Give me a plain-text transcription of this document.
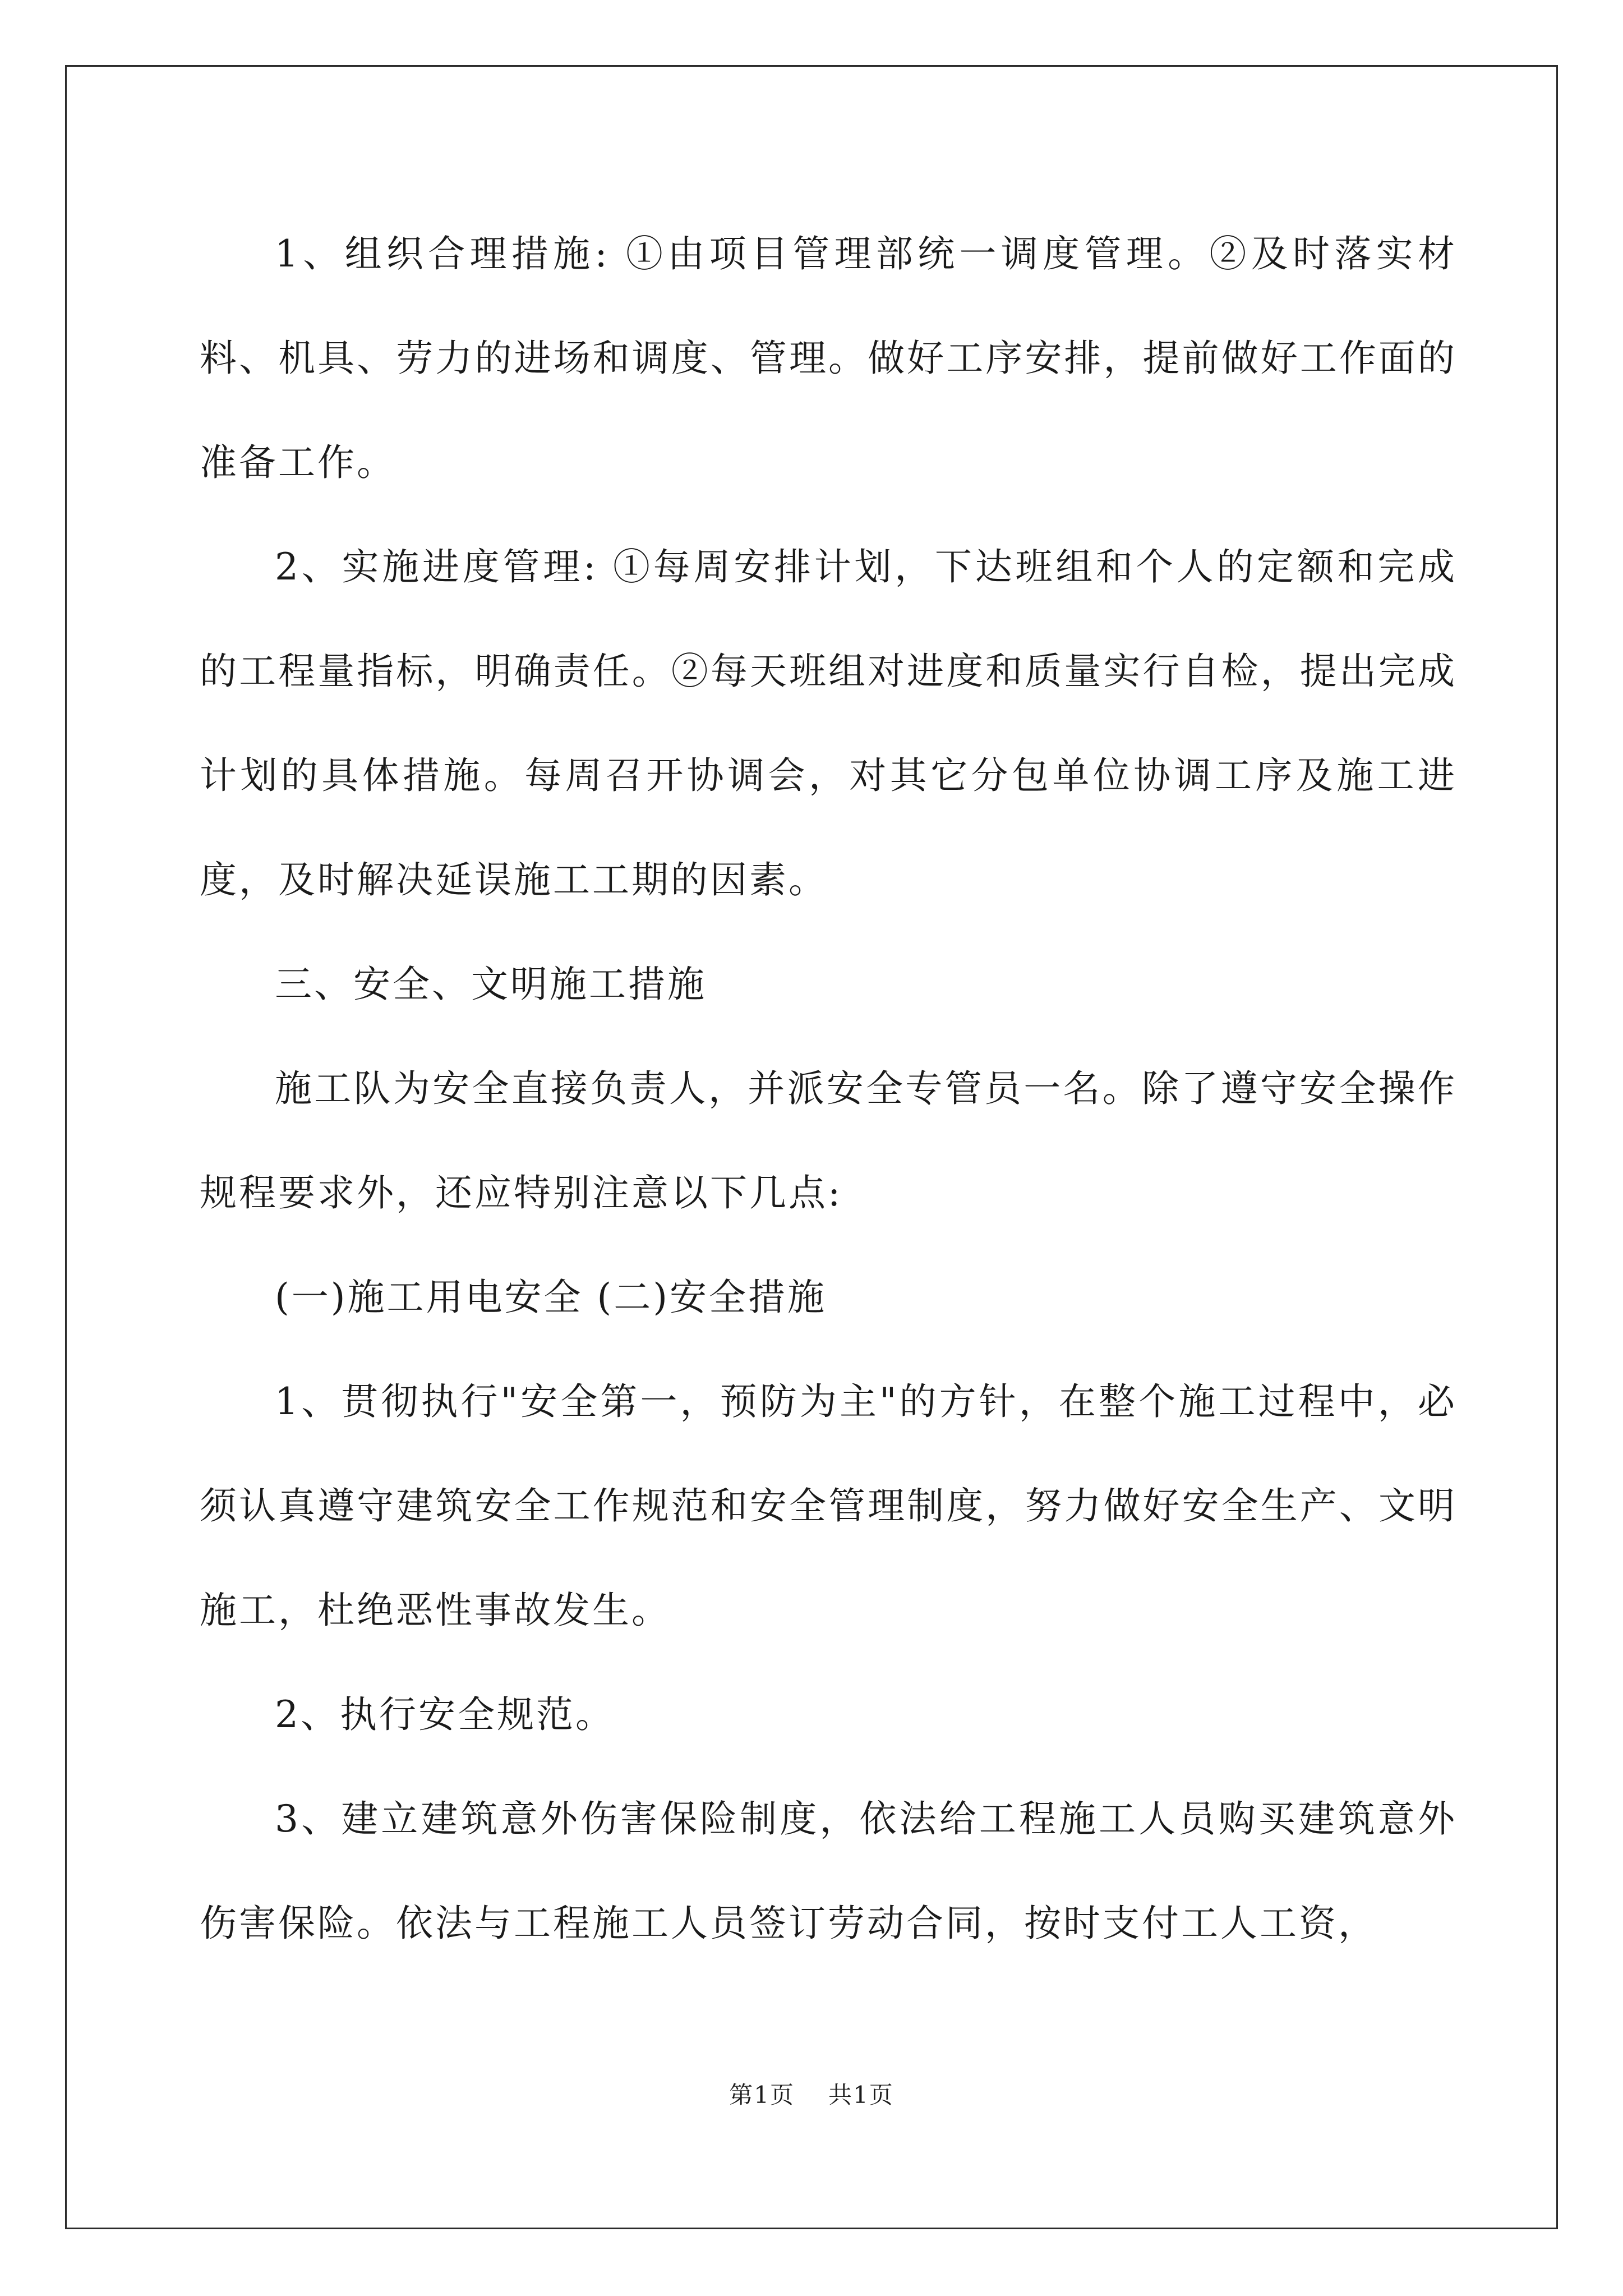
1、组织合理措施: ①由项目管理部统一调度管理。②及时落实材料、机具、劳力的进场和调度、管理。做好工序安排，提前做好工作面的准备工作。

2、实施进度管理: ①每周安排计划，下达班组和个人的定额和完成的工程量指标，明确责任。②每天班组对进度和质量实行自检，提出完成计划的具体措施。每周召开协调会，对其它分包单位协调工序及施工进度，及时解决延误施工工期的因素。

三、安全、文明施工措施

施工队为安全直接负责人，并派安全专管员一名。除了遵守安全操作规程要求外，还应特别注意以下几点:

(一)施工用电安全 (二)安全措施

1、贯彻执行"安全第一，预防为主"的方针，在整个施工过程中，必须认真遵守建筑安全工作规范和安全管理制度，努力做好安全生产、文明施工，杜绝恶性事故发生。

2、执行安全规范。

3、建立建筑意外伤害保险制度，依法给工程施工人员购买建筑意外伤害保险。依法与工程施工人员签订劳动合同，按时支付工人工资，

第1页 共1页
